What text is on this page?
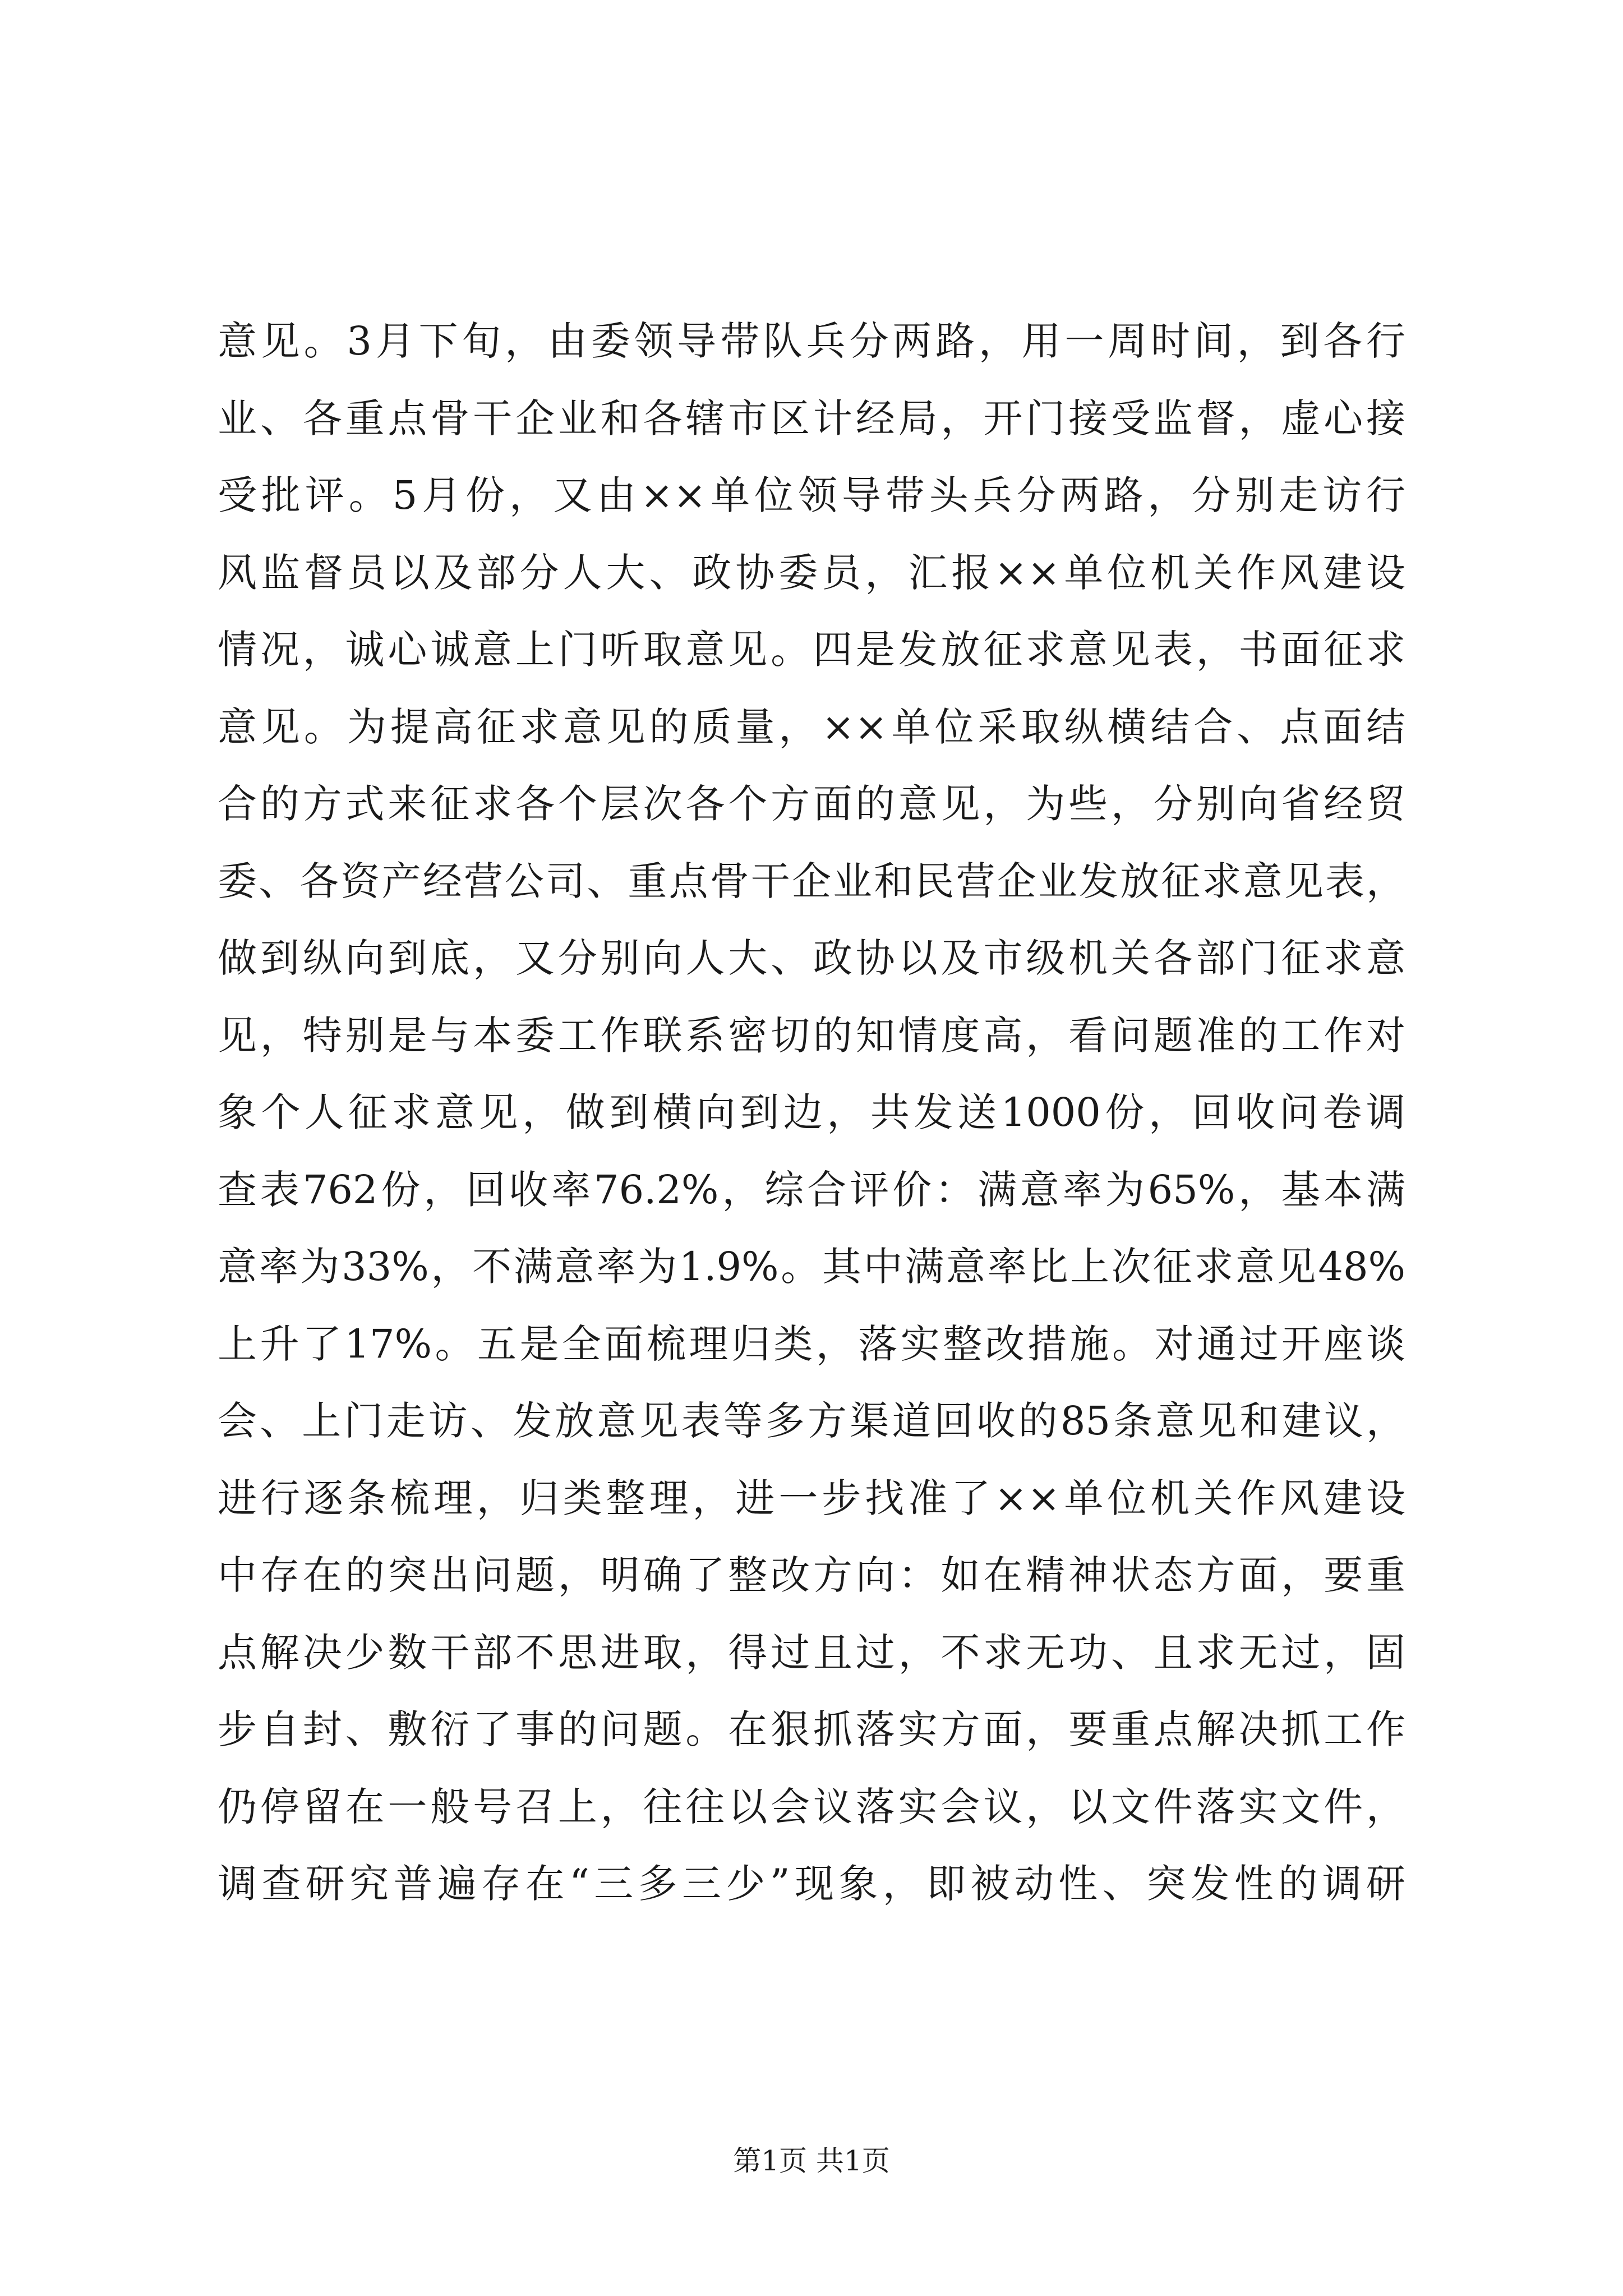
意见。3月下旬，由委领导带队兵分两路，用一周时间，到各行
业、各重点骨干企业和各辖市区计经局，开门接受监督，虚心接
受批评。5月份，又由××单位领导带头兵分两路，分别走访行
风监督员以及部分人大、政协委员，汇报××单位机关作风建设
情况，诚心诚意上门听取意见。四是发放征求意见表，书面征求
意见。为提高征求意见的质量，××单位采取纵横结合、点面结
合的方式来征求各个层次各个方面的意见，为些，分别向省经贸
委、各资产经营公司、重点骨干企业和民营企业发放征求意见表，
做到纵向到底，又分别向人大、政协以及市级机关各部门征求意
见，特别是与本委工作联系密切的知情度高，看问题准的工作对
象个人征求意见，做到横向到边，共发送1000份，回收问卷调
查表762份，回收率76.2%，综合评价：满意率为65%，基本满
意率为33%，不满意率为1.9%。其中满意率比上次征求意见48%
上升了17%。五是全面梳理归类，落实整改措施。对通过开座谈
会、上门走访、发放意见表等多方渠道回收的85条意见和建议，
进行逐条梳理，归类整理，进一步找准了××单位机关作风建设
中存在的突出问题，明确了整改方向：如在精神状态方面，要重
点解决少数干部不思进取，得过且过，不求无功、且求无过，固
步自封、敷衍了事的问题。在狠抓落实方面，要重点解决抓工作
仍停留在一般号召上，往往以会议落实会议，以文件落实文件，
调查研究普遍存在“三多三少”现象，即被动性、突发性的调研
第1页 共1页
